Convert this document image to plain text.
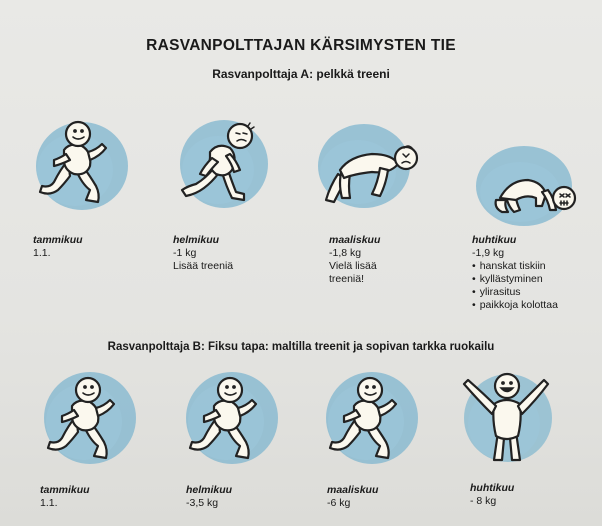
RASVANPOLTTAJAN KÄRSIMYSTEN TIE
Rasvanpolttaja A: pelkkä treeni
tammikuu
1.1.
helmikuu
-1 kg
Lisää treeniä
maaliskuu
-1,8 kg
Vielä lisää
treeniä!
huhtikuu
-1,9 kg
• hanskat tiskiin
• kyllästyminen
• ylirasitus
• paikkoja kolottaa
Rasvanpolttaja B: Fiksu tapa: maltilla treenit ja sopivan tarkka ruokailu
tammikuu
1.1.
helmikuu
-3,5 kg
maaliskuu
-6 kg
huhtikuu
- 8 kg
